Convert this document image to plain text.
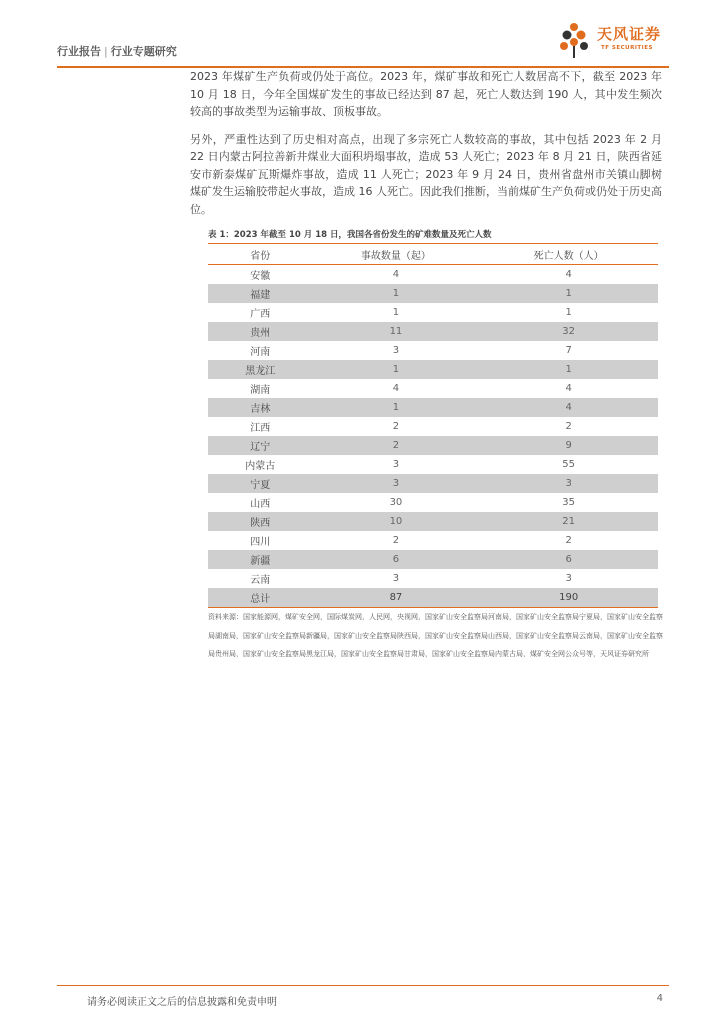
行业报告 | 行业专题研究
天风证券
TF SECURITIES

2023 年煤矿生产负荷或仍处于高位。2023 年，煤矿事故和死亡人数居高不下，截至 2023 年 10 月 18 日，今年全国煤矿发生的事故已经达到 87 起，死亡人数达到 190 人，其中发生频次较高的事故类型为运输事故、顶板事故。

另外，严重性达到了历史相对高点，出现了多宗死亡人数较高的事故，其中包括 2023 年 2 月 22 日内蒙古阿拉善新井煤业大面积坍塌事故，造成 53 人死亡；2023 年 8 月 21 日，陕西省延安市新泰煤矿瓦斯爆炸事故，造成 11 人死亡；2023 年 9 月 24 日，贵州省盘州市关镇山脚树煤矿发生运输胶带起火事故，造成 16 人死亡。因此我们推断，当前煤矿生产负荷或仍处于历史高位。

表 1：2023 年截至 10 月 18 日，我国各省份发生的矿难数量及死亡人数
省份	事故数量（起）	死亡人数（人）
安徽	4	4
福建	1	1
广西	1	1
贵州	11	32
河南	3	7
黑龙江	1	1
湖南	4	4
吉林	1	4
江西	2	2
辽宁	2	9
内蒙古	3	55
宁夏	3	3
山西	30	35
陕西	10	21
四川	2	2
新疆	6	6
云南	3	3
总计	87	190
资料来源：国家能源网，煤矿安全网，国际煤炭网，人民网，央视网，国家矿山安全监察局河南局，国家矿山安全监察局宁夏局，国家矿山安全监察局湖南局，国家矿山安全监察局新疆局，国家矿山安全监察局陕西局，国家矿山安全监察局山西局，国家矿山安全监察局云南局，国家矿山安全监察局贵州局，国家矿山安全监察局黑龙江局，国家矿山安全监察局甘肃局，国家矿山安全监察局内蒙古局，煤矿安全网公众号等，天风证券研究所
请务必阅读正文之后的信息披露和免责申明	4
